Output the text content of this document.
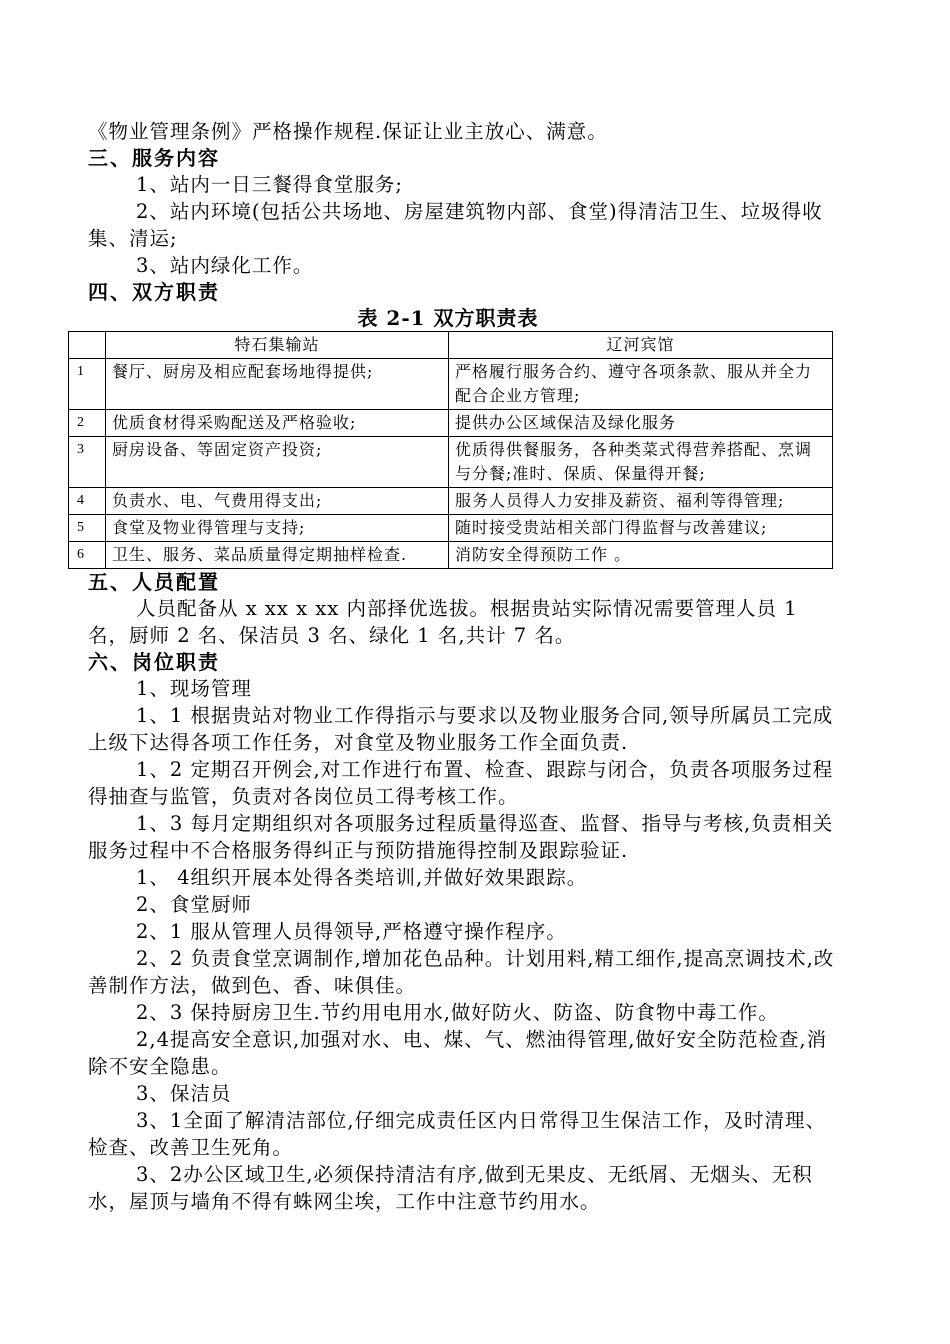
《物业管理条例》严格操作规程.保证让业主放心、满意。

三、服务内容

1、站内一日三餐得食堂服务;

2、站内环境(包括公共场地、房屋建筑物内部、食堂)得清洁卫生、垃圾得收集、清运;

3、站内绿化工作。

四、双方职责

表 2-1 双方职责表

	特石集输站	辽河宾馆
1	餐厅、厨房及相应配套场地得提供;	严格履行服务合约、遵守各项条款、服从并全力配合企业方管理;
2	优质食材得采购配送及严格验收;	提供办公区域保洁及绿化服务
3	厨房设备、等固定资产投资;	优质得供餐服务，各种类菜式得营养搭配、烹调与分餐;准时、保质、保量得开餐;
4	负责水、电、气费用得支出;	服务人员得人力安排及薪资、福利等得管理;
5	食堂及物业得管理与支持;	随时接受贵站相关部门得监督与改善建议;
6	卫生、服务、菜品质量得定期抽样检查.	消防安全得预防工作 。
五、人员配置

人员配备从 x xx x xx 内部择优选拔。根据贵站实际情况需要管理人员 1 名，厨师 2 名、保洁员 3 名、绿化 1 名,共计 7 名。

六、岗位职责

1、现场管理

1、1 根据贵站对物业工作得指示与要求以及物业服务合同,领导所属员工完成上级下达得各项工作任务，对食堂及物业服务工作全面负责.

1、2 定期召开例会,对工作进行布置、检查、跟踪与闭合，负责各项服务过程得抽查与监管，负责对各岗位员工得考核工作。

1、3 每月定期组织对各项服务过程质量得巡查、监督、指导与考核,负责相关服务过程中不合格服务得纠正与预防措施得控制及跟踪验证.

1、 4组织开展本处得各类培训,并做好效果跟踪。

2、食堂厨师

2、1 服从管理人员得领导,严格遵守操作程序。

2、2 负责食堂烹调制作,增加花色品种。计划用料,精工细作,提高烹调技术,改善制作方法，做到色、香、味俱佳。

2、3 保持厨房卫生.节约用电用水,做好防火、防盗、防食物中毒工作。

2,4提高安全意识,加强对水、电、煤、气、燃油得管理,做好安全防范检查,消除不安全隐患。

3、保洁员

3、1全面了解清洁部位,仔细完成责任区内日常得卫生保洁工作，及时清理、检查、改善卫生死角。

3、2办公区域卫生,必须保持清洁有序,做到无果皮、无纸屑、无烟头、无积水，屋顶与墙角不得有蛛网尘埃，工作中注意节约用水。
